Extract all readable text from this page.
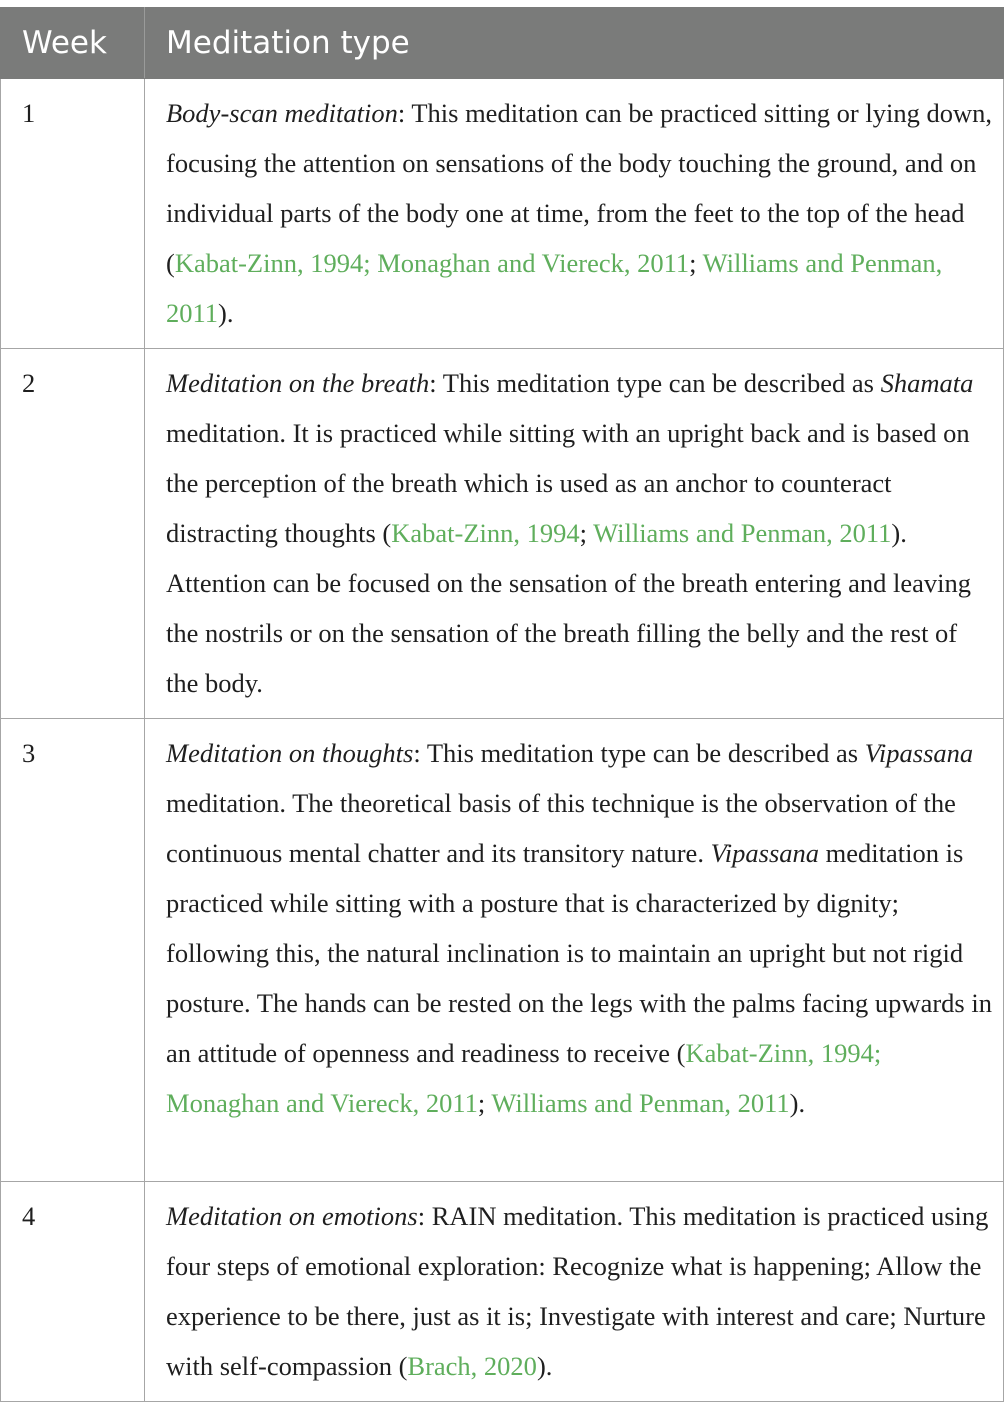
Week	Meditation type
1	Body-scan meditation: This meditation can be practiced sitting or lying down, focusing the attention on sensations of the body touching the ground, and on individual parts of the body one at time, from the feet to the top of the head (Kabat-Zinn, 1994; Monaghan and Viereck, 2011; Williams and Penman, 2011).
2	Meditation on the breath: This meditation type can be described as Shamata meditation. It is practiced while sitting with an upright back and is based on the perception of the breath which is used as an anchor to counteract distracting thoughts (Kabat-Zinn, 1994; Williams and Penman, 2011). Attention can be focused on the sensation of the breath entering and leaving the nostrils or on the sensation of the breath filling the belly and the rest of the body.
3	Meditation on thoughts: This meditation type can be described as Vipassana meditation. The theoretical basis of this technique is the observation of the continuous mental chatter and its transitory nature. Vipassana meditation is practiced while sitting with a posture that is characterized by dignity; following this, the natural inclination is to maintain an upright but not rigid posture. The hands can be rested on the legs with the palms facing upwards in an attitude of openness and readiness to receive (Kabat-Zinn, 1994; Monaghan and Viereck, 2011; Williams and Penman, 2011).
4	Meditation on emotions: RAIN meditation. This meditation is practiced using four steps of emotional exploration: Recognize what is happening; Allow the experience to be there, just as it is; Investigate with interest and care; Nurture with self-compassion (Brach, 2020).
